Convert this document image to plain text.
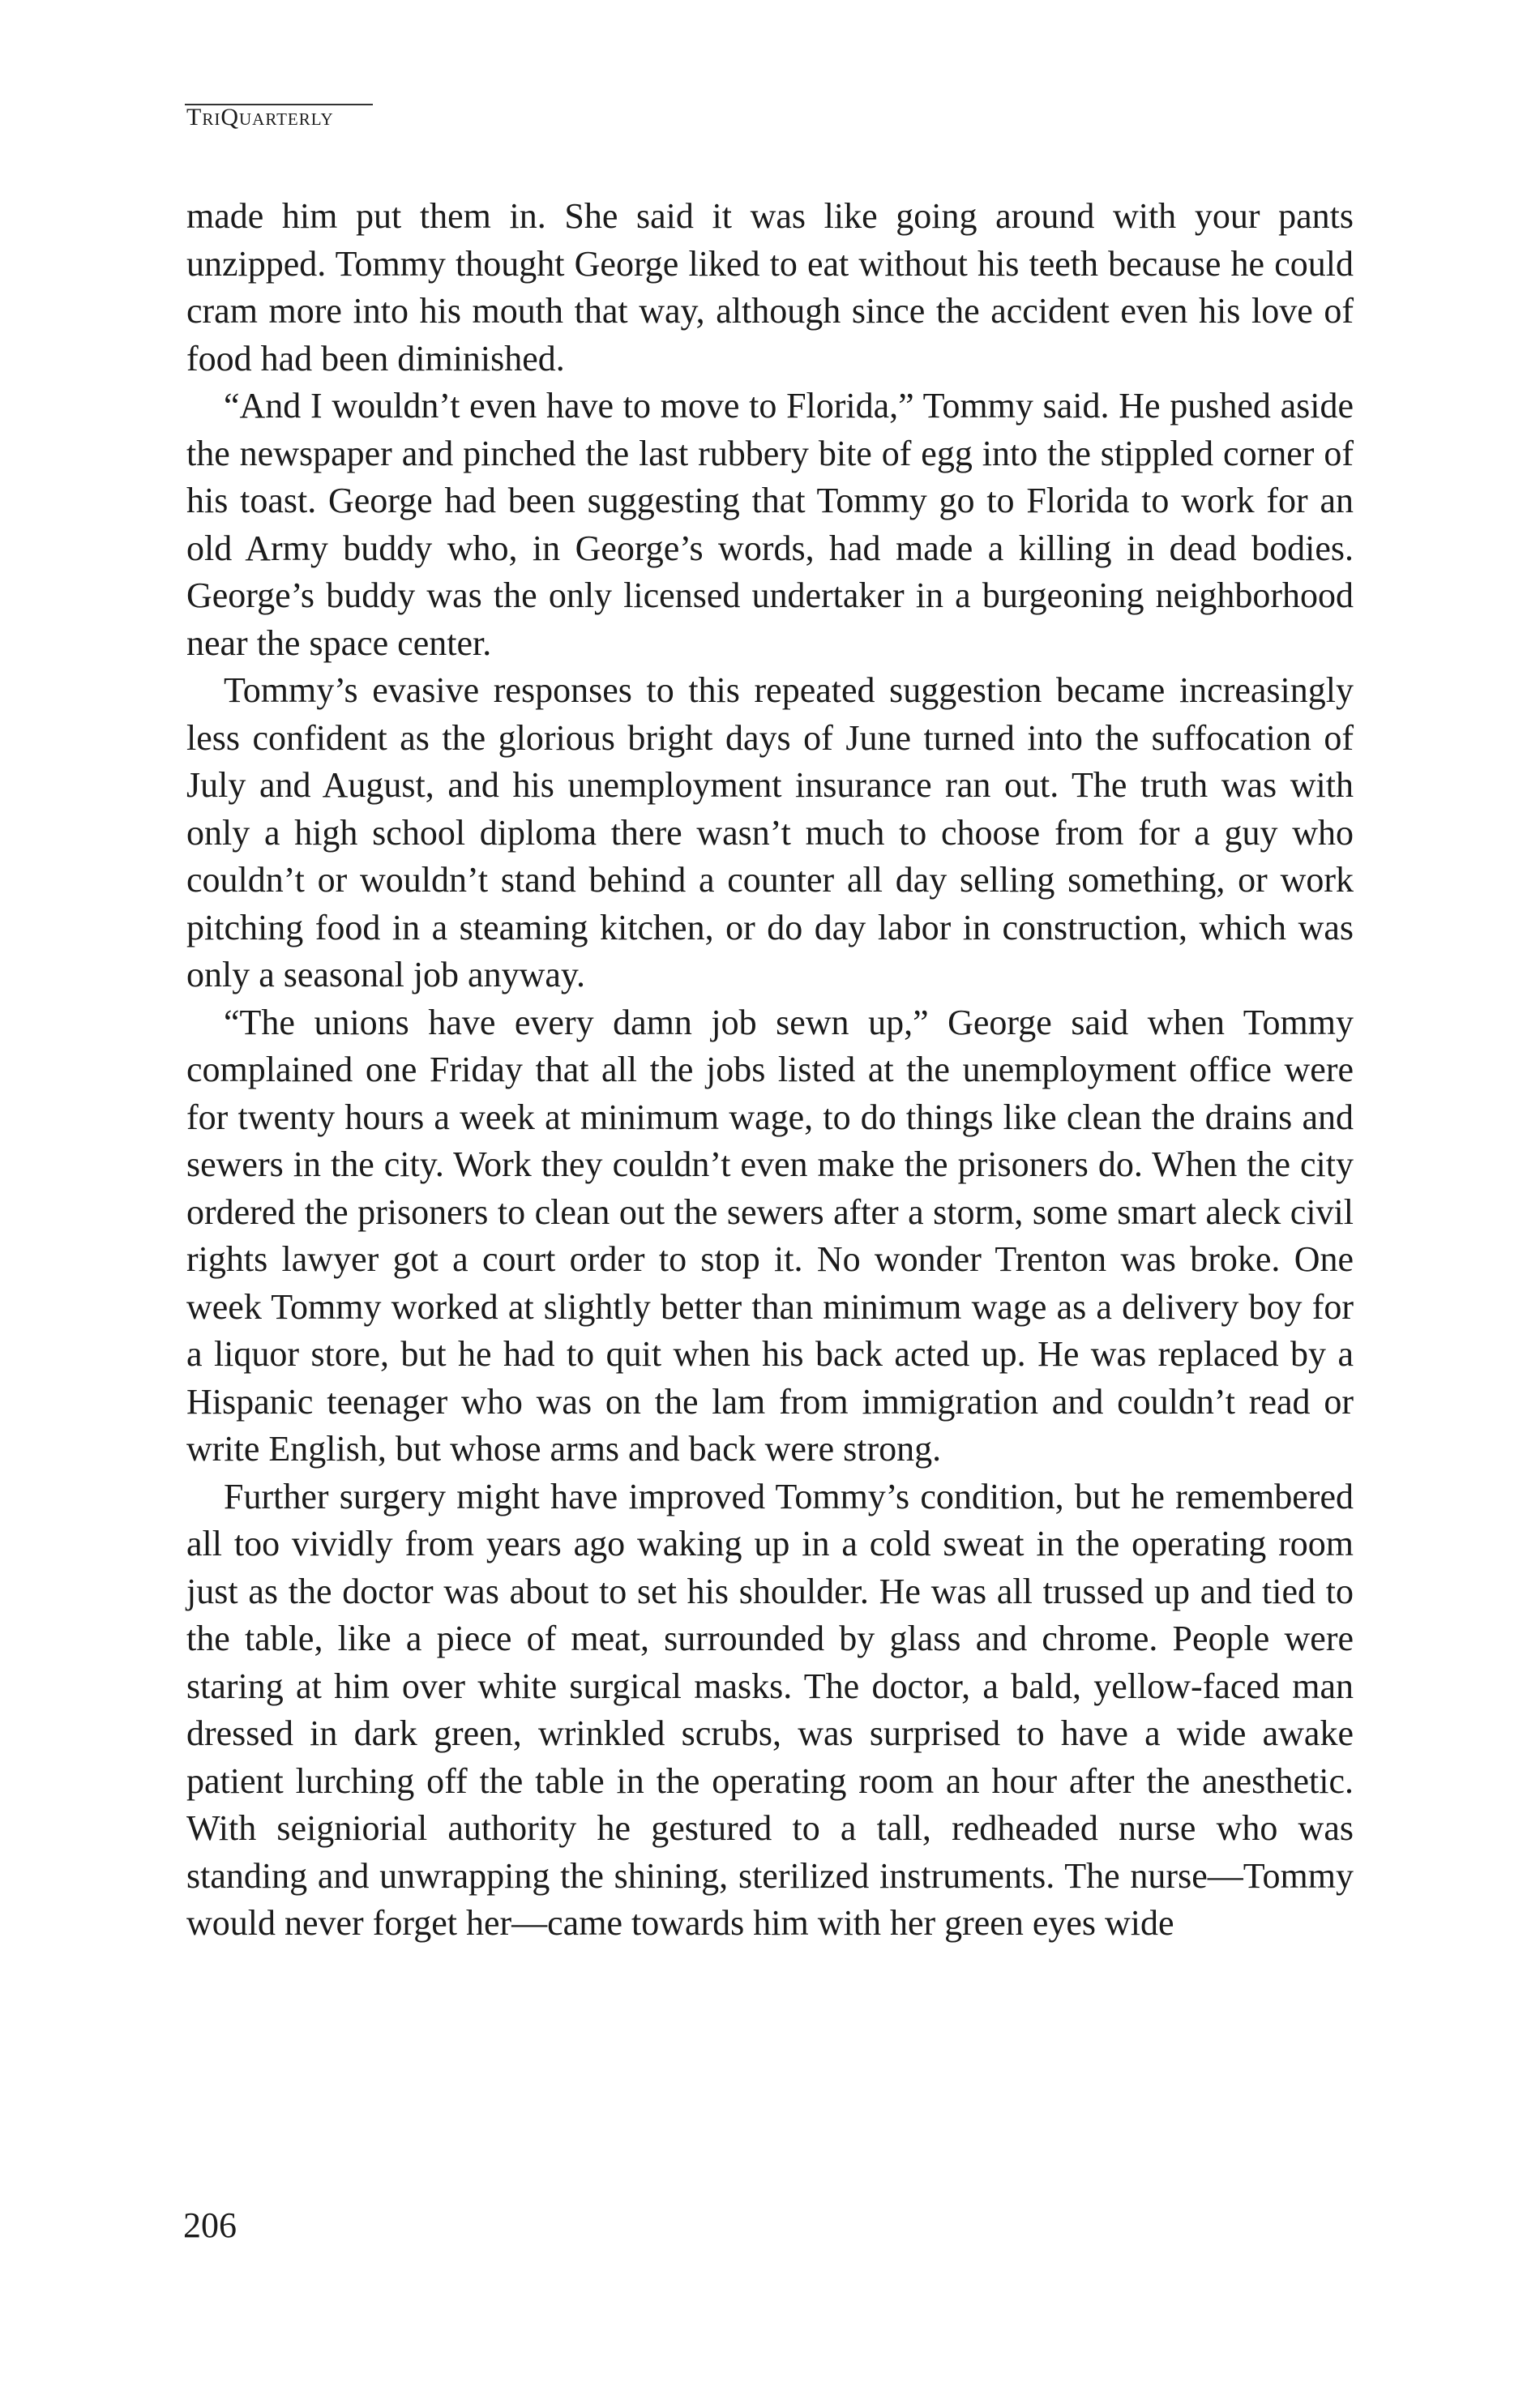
TriQuarterly

made him put them in. She said it was like going around with your pants unzipped. Tommy thought George liked to eat without his teeth because he could cram more into his mouth that way, although since the accident even his love of food had been diminished.

“And I wouldn’t even have to move to Florida,” Tommy said. He pushed aside the newspaper and pinched the last rubbery bite of egg into the stippled corner of his toast. George had been suggesting that Tommy go to Florida to work for an old Army buddy who, in George’s words, had made a killing in dead bodies. George’s buddy was the only licensed undertaker in a burgeoning neighborhood near the space center.

Tommy’s evasive responses to this repeated suggestion became increasingly less confident as the glorious bright days of June turned into the suffocation of July and August, and his unemployment insurance ran out. The truth was with only a high school diploma there wasn’t much to choose from for a guy who couldn’t or wouldn’t stand behind a counter all day selling something, or work pitching food in a steaming kitchen, or do day labor in construction, which was only a seasonal job anyway.

“The unions have every damn job sewn up,” George said when Tommy complained one Friday that all the jobs listed at the unemployment office were for twenty hours a week at minimum wage, to do things like clean the drains and sewers in the city. Work they couldn’t even make the prisoners do. When the city ordered the prisoners to clean out the sewers after a storm, some smart aleck civil rights lawyer got a court order to stop it. No wonder Trenton was broke. One week Tommy worked at slightly better than minimum wage as a delivery boy for a liquor store, but he had to quit when his back acted up. He was replaced by a Hispanic teenager who was on the lam from immigration and couldn’t read or write English, but whose arms and back were strong.

Further surgery might have improved Tommy’s condition, but he remembered all too vividly from years ago waking up in a cold sweat in the operating room just as the doctor was about to set his shoulder. He was all trussed up and tied to the table, like a piece of meat, surrounded by glass and chrome. People were staring at him over white surgical masks. The doctor, a bald, yellow-faced man dressed in dark green, wrinkled scrubs, was surprised to have a wide awake patient lurching off the table in the operating room an hour after the anesthetic. With seigniorial authority he gestured to a tall, redheaded nurse who was standing and unwrapping the shining, sterilized instruments. The nurse—Tommy would never forget her—came towards him with her green eyes wide

206
